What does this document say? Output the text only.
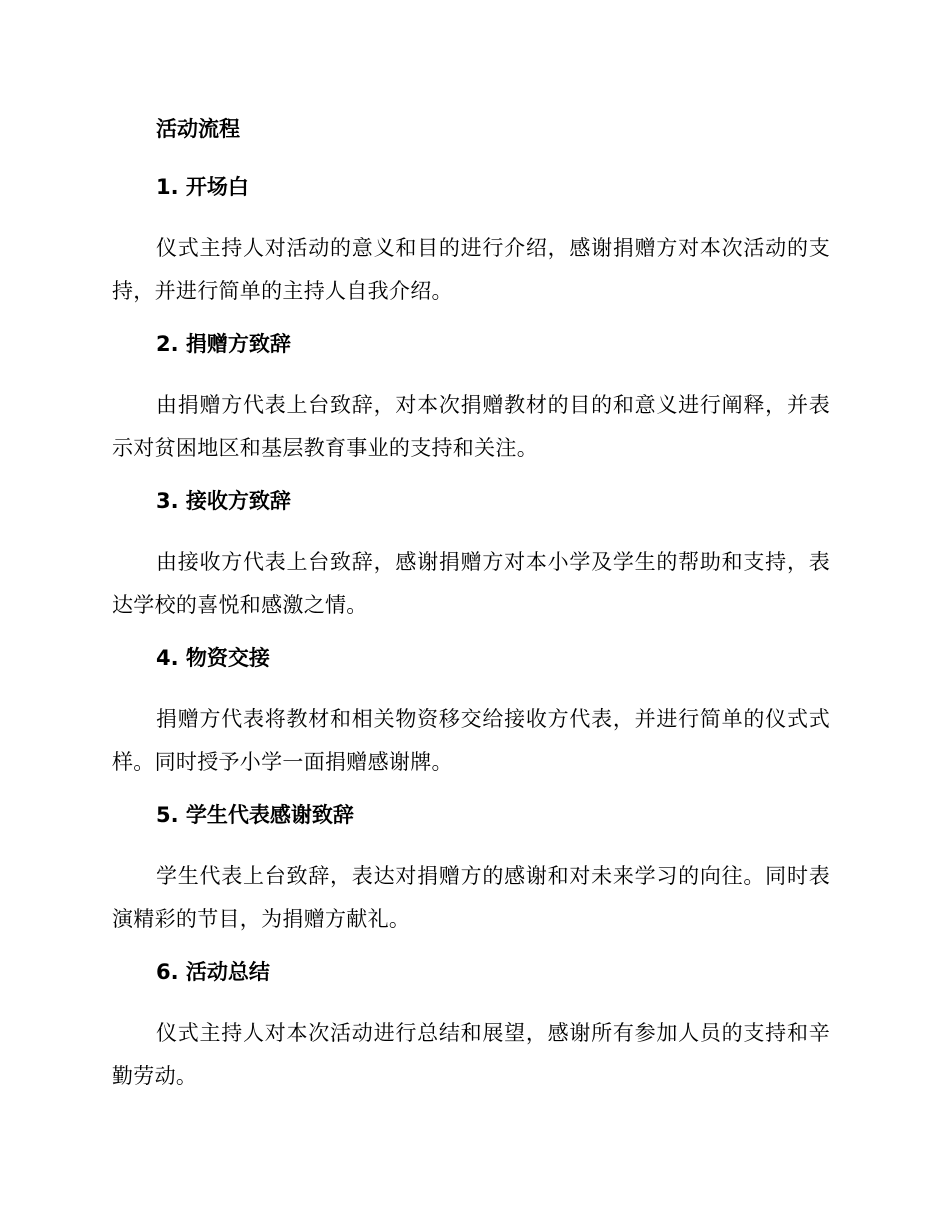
活动流程
1. 开场白

仪式主持人对活动的意义和目的进行介绍，感谢捐赠方对本次活动的支持，并进行简单的主持人自我介绍。

2. 捐赠方致辞

由捐赠方代表上台致辞，对本次捐赠教材的目的和意义进行阐释，并表示对贫困地区和基层教育事业的支持和关注。

3. 接收方致辞

由接收方代表上台致辞，感谢捐赠方对本小学及学生的帮助和支持，表达学校的喜悦和感激之情。

4. 物资交接

捐赠方代表将教材和相关物资移交给接收方代表，并进行简单的仪式式样。同时授予小学一面捐赠感谢牌。

5. 学生代表感谢致辞

学生代表上台致辞，表达对捐赠方的感谢和对未来学习的向往。同时表演精彩的节目，为捐赠方献礼。

6. 活动总结

仪式主持人对本次活动进行总结和展望，感谢所有参加人员的支持和辛勤劳动。
